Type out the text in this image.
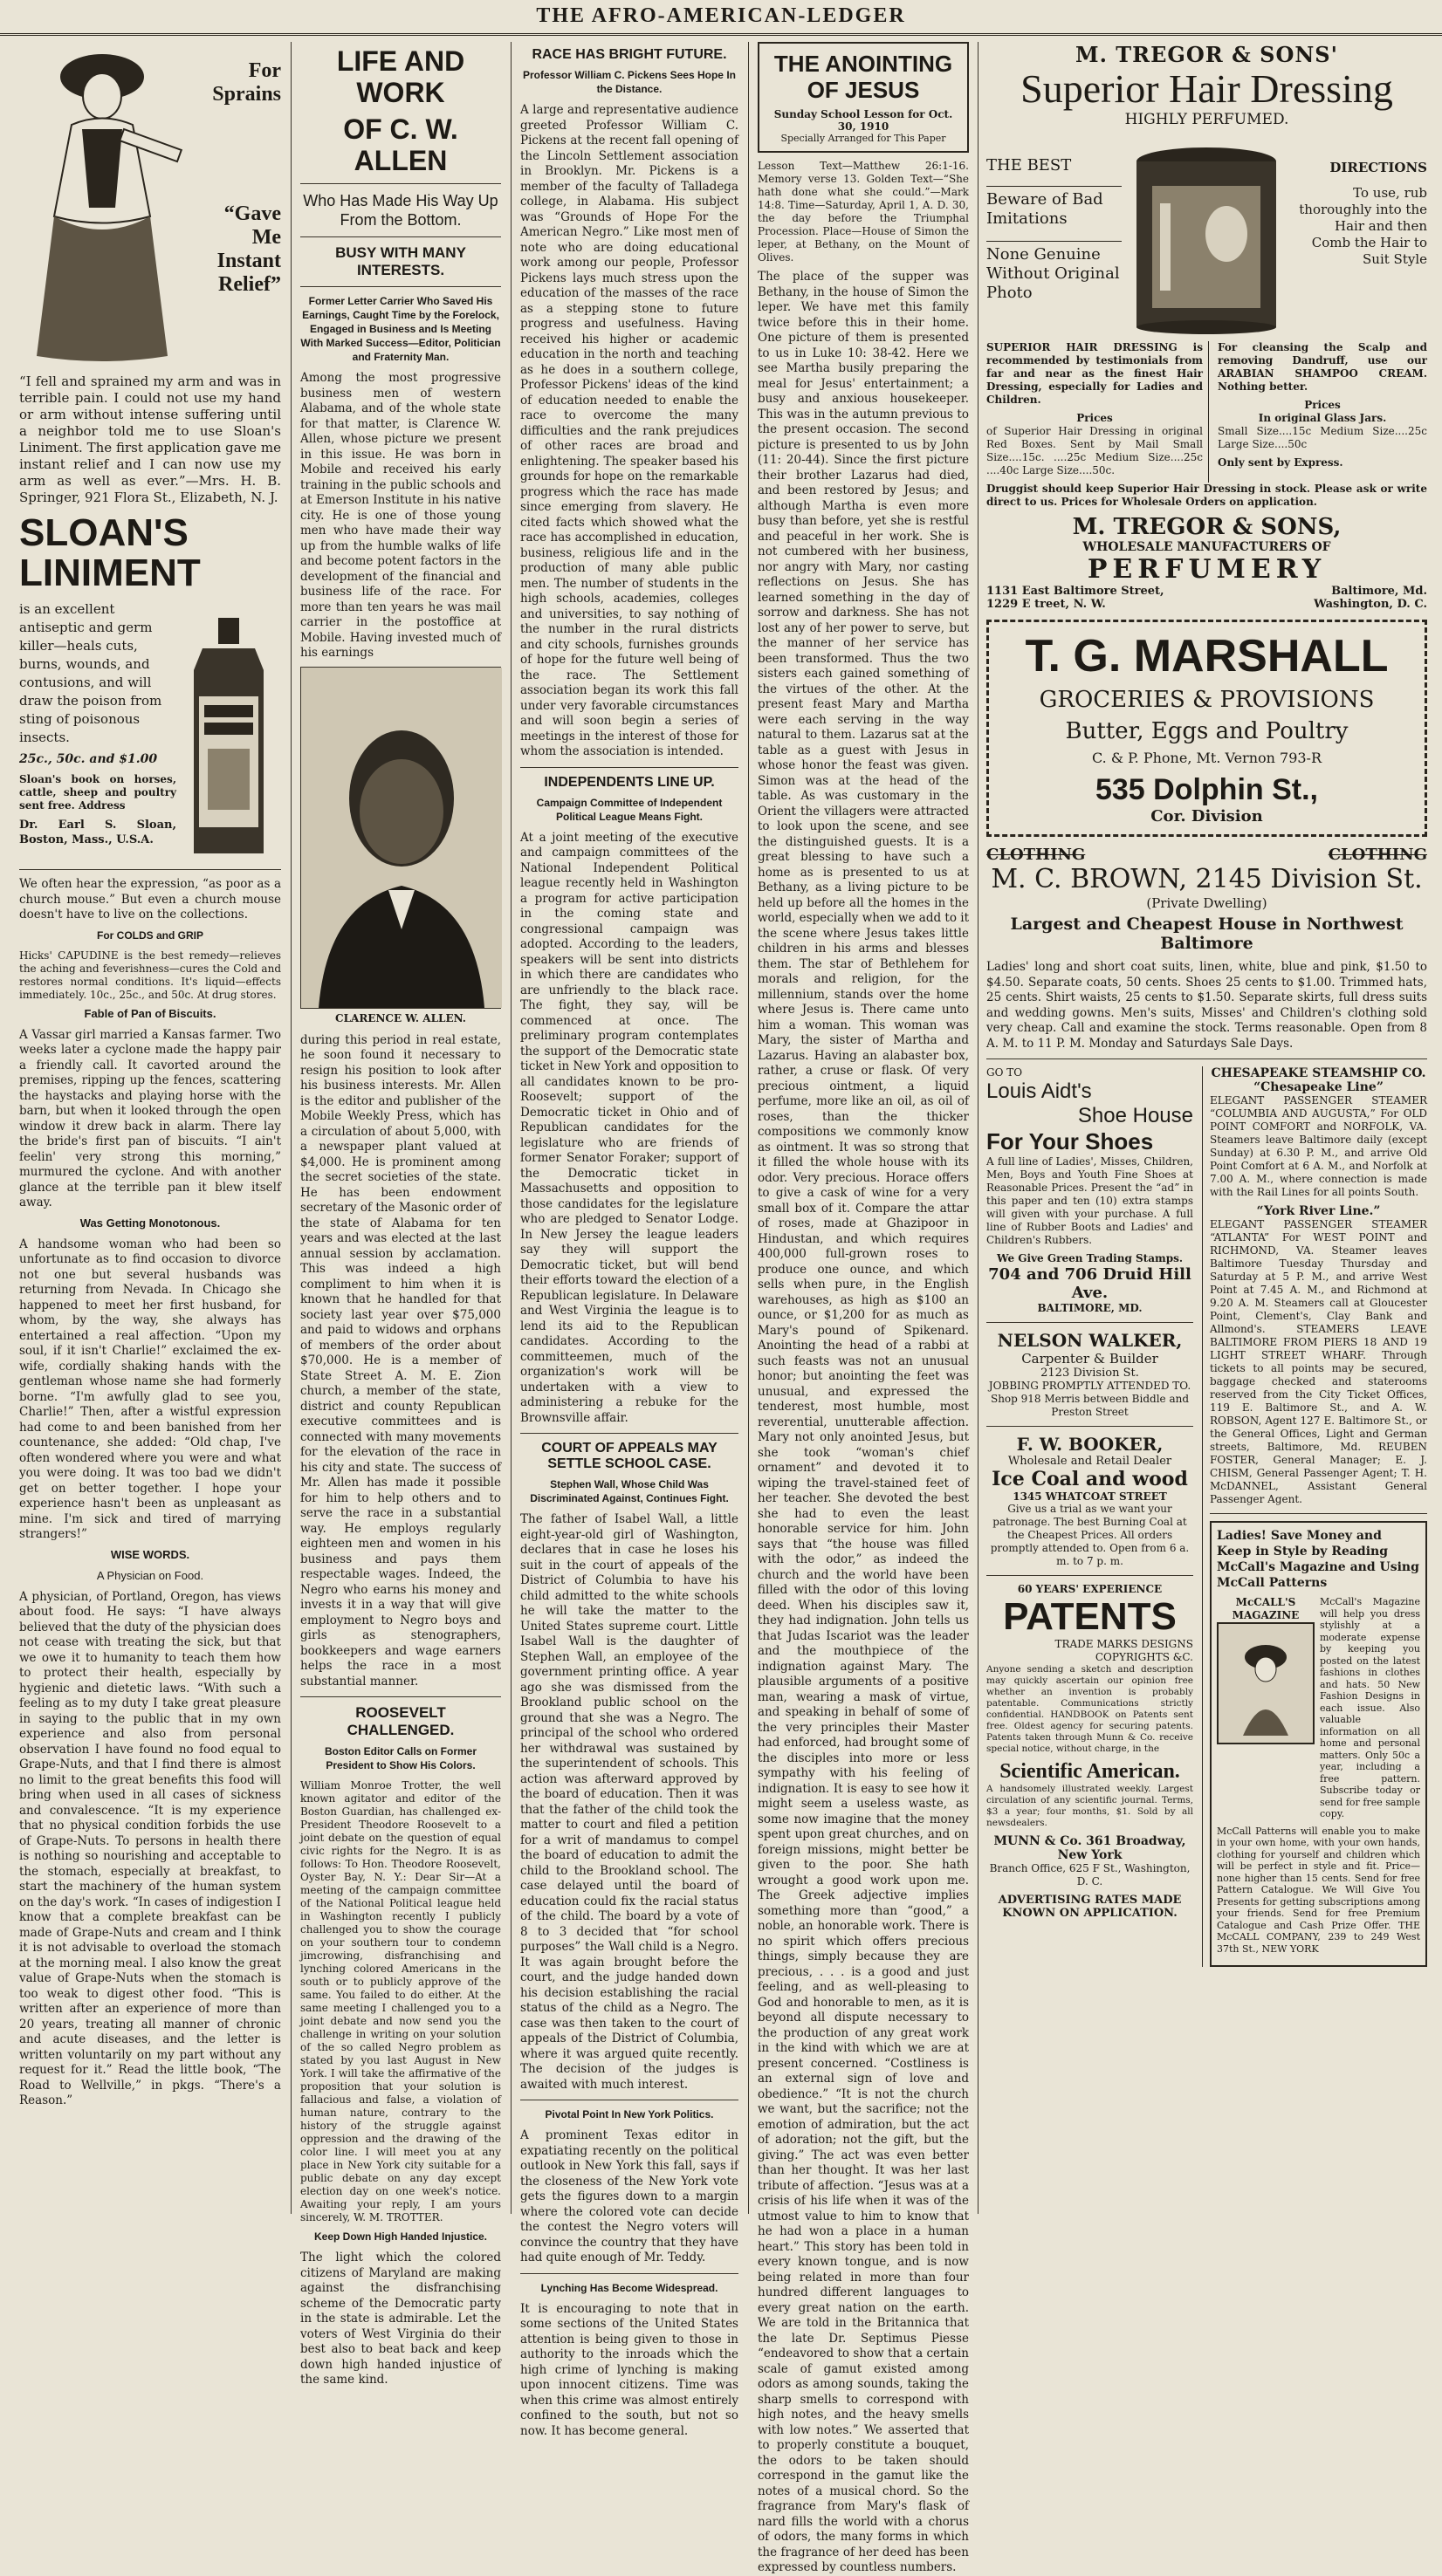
THE AFRO-AMERICAN-LEDGER
For
Sprains
“Gave
Me
Instant
Relief”

“I fell and sprained my arm and was in terrible pain. I could not use my hand or arm without intense suffering until a neighbor told me to use Sloan's Liniment. The first application gave me instant relief and I can now use my arm as well as ever.”—Mrs. H. B. Springer, 921 Flora St., Elizabeth, N. J.

SLOAN'S
LINIMENT

is an excellent antiseptic and germ killer—heals cuts, burns, wounds, and contusions, and will draw the poison from sting of poisonous insects.

25c., 50c. and $1.00

Sloan's book on horses, cattle, sheep and poultry sent free. Address

Dr. Earl S. Sloan, Boston, Mass., U.S.A.

We often hear the expression, “as poor as a church mouse.” But even a church mouse doesn't have to live on the collections.

For COLDS and GRIP

Hicks' CAPUDINE is the best remedy—relieves the aching and feverishness—cures the Cold and restores normal conditions. It's liquid—effects immediately. 10c., 25c., and 50c. At drug stores.

Fable of Pan of Biscuits.

A Vassar girl married a Kansas farmer. Two weeks later a cyclone made the happy pair a friendly call. It cavorted around the premises, ripping up the fences, scattering the haystacks and playing horse with the barn, but when it looked through the open window it drew back in alarm. There lay the bride's first pan of biscuits. “I ain't feelin' very strong this morning,” murmured the cyclone. And with another glance at the terrible pan it blew itself away.

Was Getting Monotonous.

A handsome woman who had been so unfortunate as to find occasion to divorce not one but several husbands was returning from Nevada. In Chicago she happened to meet her first husband, for whom, by the way, she always has entertained a real affection. “Upon my soul, if it isn't Charlie!” exclaimed the ex-wife, cordially shaking hands with the gentleman whose name she had formerly borne. “I'm awfully glad to see you, Charlie!” Then, after a wistful expression had come to and been banished from her countenance, she added: “Old chap, I've often wondered where you were and what you were doing. It was too bad we didn't get on better together. I hope your experience hasn't been as unpleasant as mine. I'm sick and tired of marrying strangers!”

WISE WORDS.
A Physician on Food.

A physician, of Portland, Oregon, has views about food. He says: “I have always believed that the duty of the physician does not cease with treating the sick, but that we owe it to humanity to teach them how to protect their health, especially by hygienic and dietetic laws. “With such a feeling as to my duty I take great pleasure in saying to the public that in my own experience and also from personal observation I have found no food equal to Grape-Nuts, and that I find there is almost no limit to the great benefits this food will bring when used in all cases of sickness and convalescence. “It is my experience that no physical condition forbids the use of Grape-Nuts. To persons in health there is nothing so nourishing and acceptable to the stomach, especially at breakfast, to start the machinery of the human system on the day's work. “In cases of indigestion I know that a complete breakfast can be made of Grape-Nuts and cream and I think it is not advisable to overload the stomach at the morning meal. I also know the great value of Grape-Nuts when the stomach is too weak to digest other food. “This is written after an experience of more than 20 years, treating all manner of chronic and acute diseases, and the letter is written voluntarily on my part without any request for it.” Read the little book, “The Road to Wellville,” in pkgs. “There's a Reason.”

LIFE AND WORK
OF C. W. ALLEN
Who Has Made His Way Up From the Bottom.
BUSY WITH MANY INTERESTS.
Former Letter Carrier Who Saved His Earnings, Caught Time by the Forelock, Engaged in Business and Is Meeting With Marked Success—Editor, Politician and Fraternity Man.

Among the most progressive business men of western Alabama, and of the whole state for that matter, is Clarence W. Allen, whose picture we present in this issue. He was born in Mobile and received his early training in the public schools and at Emerson Institute in his native city. He is one of those young men who have made their way up from the humble walks of life and become potent factors in the development of the financial and business life of the race. For more than ten years he was mail carrier in the postoffice at Mobile. Having invested much of his earnings

CLARENCE W. ALLEN.

during this period in real estate, he soon found it necessary to resign his position to look after his business interests. Mr. Allen is the editor and publisher of the Mobile Weekly Press, which has a circulation of about 5,000, with a newspaper plant valued at $4,000. He is prominent among the secret societies of the state. He has been endowment secretary of the Masonic order of the state of Alabama for ten years and was elected at the last annual session by acclamation. This was indeed a high compliment to him when it is known that he handled for that society last year over $75,000 and paid to widows and orphans of members of the order about $70,000. He is a member of State Street A. M. E. Zion church, a member of the state, district and county Republican executive committees and is connected with many movements for the elevation of the race in his city and state. The success of Mr. Allen has made it possible for him to help others and to serve the race in a substantial way. He employs regularly eighteen men and women in his business and pays them respectable wages. Indeed, the Negro who earns his money and invests it in a way that will give employment to Negro boys and girls as stenographers, bookkeepers and wage earners helps the race in a most substantial manner.

ROOSEVELT CHALLENGED.
Boston Editor Calls on Former President to Show His Colors.

William Monroe Trotter, the well known agitator and editor of the Boston Guardian, has challenged ex-President Theodore Roosevelt to a joint debate on the question of equal civic rights for the Negro. It is as follows: To Hon. Theodore Roosevelt, Oyster Bay, N. Y.: Dear Sir—At a meeting of the campaign committee of the National Political league held in Washington recently I publicly challenged you to show the courage on your southern tour to condemn jimcrowing, disfranchising and lynching colored Americans in the south or to publicly approve of the same. You failed to do either. At the same meeting I challenged you to a joint debate and now send you the challenge in writing on your solution of the so called Negro problem as stated by you last August in New York. I will take the affirmative of the proposition that your solution is fallacious and false, a violation of human nature, contrary to the history of the struggle against oppression and the drawing of the color line. I will meet you at any place in New York city suitable for a public debate on any day except election day on one week's notice. Awaiting your reply, I am yours sincerely, W. M. TROTTER.

Keep Down High Handed Injustice.

The light which the colored citizens of Maryland are making against the disfranchising scheme of the Democratic party in the state is admirable. Let the voters of West Virginia do their best also to beat back and keep down high handed injustice of the same kind.

RACE HAS BRIGHT FUTURE.
Professor William C. Pickens Sees Hope In the Distance.

A large and representative audience greeted Professor William C. Pickens at the recent fall opening of the Lincoln Settlement association in Brooklyn. Mr. Pickens is a member of the faculty of Talladega college, in Alabama. His subject was “Grounds of Hope For the American Negro.” Like most men of note who are doing educational work among our people, Professor Pickens lays much stress upon the education of the masses of the race as a stepping stone to future progress and usefulness. Having received his higher or academic education in the north and teaching as he does in a southern college, Professor Pickens' ideas of the kind of education needed to enable the race to overcome the many difficulties and the rank prejudices of other races are broad and enlightening. The speaker based his grounds for hope on the remarkable progress which the race has made since emerging from slavery. He cited facts which showed what the race has accomplished in education, business, religious life and in the production of many able public men. The number of students in the high schools, academies, colleges and universities, to say nothing of the number in the rural districts and city schools, furnishes grounds of hope for the future well being of the race. The Settlement association began its work this fall under very favorable circumstances and will soon begin a series of meetings in the interest of those for whom the association is intended.

INDEPENDENTS LINE UP.
Campaign Committee of Independent Political League Means Fight.

At a joint meeting of the executive and campaign committees of the National Independent Political league recently held in Washington a program for active participation in the coming state and congressional campaign was adopted. According to the leaders, speakers will be sent into districts in which there are candidates who are unfriendly to the black race. The fight, they say, will be commenced at once. The preliminary program contemplates the support of the Democratic state ticket in New York and opposition to all candidates known to be pro-Roosevelt; support of the Democratic ticket in Ohio and of Republican candidates for the legislature who are friends of former Senator Foraker; support of the Democratic ticket in Massachusetts and opposition to those candidates for the legislature who are pledged to Senator Lodge. In New Jersey the league leaders say they will support the Democratic ticket, but will bend their efforts toward the election of a Republican legislature. In Delaware and West Virginia the league is to lend its aid to the Republican candidates. According to the committeemen, much of the organization's work will be undertaken with a view to administering a rebuke for the Brownsville affair.

COURT OF APPEALS MAY SETTLE SCHOOL CASE.
Stephen Wall, Whose Child Was Discriminated Against, Continues Fight.

The father of Isabel Wall, a little eight-year-old girl of Washington, declares that in case he loses his suit in the court of appeals of the District of Columbia to have his child admitted to the white schools he will take the matter to the United States supreme court. Little Isabel Wall is the daughter of Stephen Wall, an employee of the government printing office. A year ago she was dismissed from the Brookland public school on the ground that she was a Negro. The principal of the school who ordered her withdrawal was sustained by the superintendent of schools. This action was afterward approved by the board of education. Then it was that the father of the child took the matter to court and filed a petition for a writ of mandamus to compel the board of education to admit the child to the Brookland school. The case delayed until the board of education could fix the racial status of the child. The board by a vote of 8 to 3 decided that “for school purposes” the Wall child is a Negro. It was again brought before the court, and the judge handed down his decision establishing the racial status of the child as a Negro. The case was then taken to the court of appeals of the District of Columbia, where it was argued quite recently. The decision of the judges is awaited with much interest.

Pivotal Point In New York Politics.

A prominent Texas editor in expatiating recently on the political outlook in New York this fall, says if the closeness of the New York vote gets the figures down to a margin where the colored vote can decide the contest the Negro voters will convince the country that they have had quite enough of Mr. Teddy.

Lynching Has Become Widespread.

It is encouraging to note that in some sections of the United States attention is being given to those in authority to the inroads which the high crime of lynching is making upon innocent citizens. Time was when this crime was almost entirely confined to the south, but not so now. It has become general.

THE ANOINTING
OF JESUS
Sunday School Lesson for Oct. 30, 1910
Specially Arranged for This Paper

Lesson Text—Matthew 26:1-16. Memory verse 13. Golden Text—“She hath done what she could.”—Mark 14:8. Time—Saturday, April 1, A. D. 30, the day before the Triumphal Procession. Place—House of Simon the leper, at Bethany, on the Mount of Olives.

The place of the supper was Bethany, in the house of Simon the leper. We have met this family twice before this in their home. One picture of them is presented to us in Luke 10: 38-42. Here we see Martha busily preparing the meal for Jesus' entertainment; a busy and anxious housekeeper. This was in the autumn previous to the present occasion. The second picture is presented to us by John (11: 20-44). Since the first picture their brother Lazarus had died, and been restored by Jesus; and although Martha is even more busy than before, yet she is restful and peaceful in her work. She is not cumbered with her business, nor angry with Mary, nor casting reflections on Jesus. She has learned something in the day of sorrow and darkness. She has not lost any of her power to serve, but the manner of her service has been transformed. Thus the two sisters each gained something of the virtues of the other. At the present feast Mary and Martha were each serving in the way natural to them. Lazarus sat at the table as a guest with Jesus in whose honor the feast was given. Simon was at the head of the table. As was customary in the Orient the villagers were attracted to look upon the scene, and see the distinguished guests. It is a great blessing to have such a home as is presented to us at Bethany, as a living picture to be held up before all the homes in the world, especially when we add to it the scene where Jesus takes little children in his arms and blesses them. The star of Bethlehem for morals and religion, for the millennium, stands over the home where Jesus is. There came unto him a woman. This woman was Mary, the sister of Martha and Lazarus. Having an alabaster box, rather, a cruse or flask. Of very precious ointment, a liquid perfume, more like an oil, as oil of roses, than the thicker compositions we commonly know as ointment. It was so strong that it filled the whole house with its odor. Very precious. Horace offers to give a cask of wine for a very small box of it. Compare the attar of roses, made at Ghazipoor in Hindustan, and which requires 400,000 full-grown roses to produce one ounce, and which sells when pure, in the English warehouses, as high as $100 an ounce, or $1,200 for as much as Mary's pound of Spikenard. Anointing the head of a rabbi at such feasts was not an unusual honor; but anointing the feet was unusual, and expressed the tenderest, most humble, most reverential, unutterable affection. Mary not only anointed Jesus, but she took “woman's chief ornament” and devoted it to wiping the travel-stained feet of her teacher. She devoted the best she had to even the least honorable service for him. John says that “the house was filled with the odor,” as indeed the church and the world have been filled with the odor of this loving deed. When his disciples saw it, they had indignation. John tells us that Judas Iscariot was the leader and the mouthpiece of the indignation against Mary. The plausible arguments of a positive man, wearing a mask of virtue, and speaking in behalf of some of the very principles their Master had enforced, had brought some of the disciples into more or less sympathy with his feeling of indignation. It is easy to see how it might seem a useless waste, as some now imagine that the money spent upon great churches, and on foreign missions, might better be given to the poor. She hath wrought a good work upon me. The Greek adjective implies something more than “good,” a noble, an honorable work. There is no spirit which offers precious things, simply because they are precious, . . . is a good and just feeling, and as well-pleasing to God and honorable to men, as it is beyond all dispute necessary to the production of any great work in the kind with which we are at present concerned. “Costliness is an external sign of love and obedience.” “It is not the church we want, but the sacrifice; not the emotion of admiration, but the act of adoration; not the gift, but the giving.” The act was even better than her thought. It was her last tribute of affection. “Jesus was at a crisis of his life when it was of the utmost value to him to know that he had won a place in a human heart.” This story has been told in every known tongue, and is now being related in more than four hundred different languages to every great nation on the earth. We are told in the Britannica that the late Dr. Septimus Piesse “endeavored to show that a certain scale of gamut existed among odors as among sounds, taking the sharp smells to correspond with high notes, and the heavy smells with low notes.” We asserted that to properly constitute a bouquet, the odors to be taken should correspond in the gamut like the notes of a musical chord. So the fragrance from Mary's flask of nard fills the world with a chorus of odors, the many forms in which the fragrance of her deed has been expressed by countless numbers.

M. TREGOR & SONS'
Superior Hair Dressing
HIGHLY PERFUMED.
THE BEST
Beware of Bad Imitations
None Genuine Without Original Photo
DIRECTIONS
To use, rub thoroughly into the Hair and then Comb the Hair to Suit Style

SUPERIOR HAIR DRESSING is recommended by testimonials from far and near as the finest Hair Dressing, especially for Ladies and Children.

Prices

of Superior Hair Dressing in original Red Boxes. Sent by Mail Small Size....15c. ....25c Medium Size....25c ....40c Large Size....50c.

For cleansing the Scalp and removing Dandruff, use our ARABIAN SHAMPOO CREAM. Nothing better.

Prices
In original Glass Jars.

Small Size....15c Medium Size....25c Large Size....50c

Only sent by Express.

Druggist should keep Superior Hair Dressing in stock. Please ask or write direct to us. Prices for Wholesale Orders on application.

M. TREGOR & SONS,
WHOLESALE MANUFACTURERS OF
PERFUMERY
1131 East Baltimore Street,	Baltimore, Md.
1229 E treet, N. W.	Washington, D. C.
T. G. MARSHALL
GROCERIES & PROVISIONS
Butter, Eggs and Poultry
C. & P. Phone, Mt. Vernon 793-R
535 Dolphin St.,
Cor. Division
CLOTHING	CLOTHING
M. C. BROWN, 2145 Division St.
(Private Dwelling)
Largest and Cheapest House in Northwest Baltimore

Ladies' long and short coat suits, linen, white, blue and pink, $1.50 to $4.50. Separate coats, 50 cents. Shoes 25 cents to $1.00. Trimmed hats, 25 cents. Shirt waists, 25 cents to $1.50. Separate skirts, full dress suits and wedding gowns. Men's suits, Misses' and Children's clothing sold very cheap. Call and examine the stock. Terms reasonable. Open from 8 A. M. to 11 P. M. Monday and Saturdays Sale Days.

GO TO
Louis Aidt's
Shoe House
For Your Shoes

A full line of Ladies', Misses, Children, Men, Boys and Youth Fine Shoes at Reasonable Prices. Present the “ad” in this paper and ten (10) extra stamps will given with your purchase. A full line of Rubber Boots and Ladies' and Children's Rubbers.

We Give Green Trading Stamps.
704 and 706 Druid Hill Ave.
BALTIMORE, MD.
NELSON WALKER,
Carpenter & Builder
2123 Division St.

JOBBING PROMPTLY ATTENDED TO. Shop 918 Merris between Biddle and Preston Street

F. W. BOOKER,
Wholesale and Retail Dealer
Ice Coal and wood
1345 WHATCOAT STREET

Give us a trial as we want your patronage. The best Burning Coal at the Cheapest Prices. All orders promptly attended to. Open from 6 a. m. to 7 p. m.

60 YEARS' EXPERIENCE
PATENTS
TRADE MARKS DESIGNS COPYRIGHTS &C.

Anyone sending a sketch and description may quickly ascertain our opinion free whether an invention is probably patentable. Communications strictly confidential. HANDBOOK on Patents sent free. Oldest agency for securing patents. Patents taken through Munn & Co. receive special notice, without charge, in the

Scientific American.

A handsomely illustrated weekly. Largest circulation of any scientific journal. Terms, $3 a year; four months, $1. Sold by all newsdealers.

MUNN & Co. 361 Broadway, New York
Branch Office, 625 F St., Washington, D. C.
ADVERTISING RATES MADE KNOWN ON APPLICATION.
CHESAPEAKE STEAMSHIP CO.
“Chesapeake Line”

ELEGANT PASSENGER STEAMER “COLUMBIA AND AUGUSTA,” For OLD POINT COMFORT and NORFOLK, VA. Steamers leave Baltimore daily (except Sunday) at 6.30 P. M., and arrive Old Point Comfort at 6 A. M., and Norfolk at 7.00 A. M., where connection is made with the Rail Lines for all points South.

“York River Line.”

ELEGANT PASSENGER STEAMER “ATLANTA” For WEST POINT and RICHMOND, VA. Steamer leaves Baltimore Tuesday Thursday and Saturday at 5 P. M., and arrive West Point at 7.45 A. M., and Richmond at 9.20 A. M. Steamers call at Gloucester Point, Clement's, Clay Bank and Allmond's. STEAMERS LEAVE BALTIMORE FROM PIERS 18 AND 19 LIGHT STREET WHARF. Through tickets to all points may be secured, baggage checked and staterooms reserved from the City Ticket Offices, 119 E. Baltimore St., and A. W. ROBSON, Agent 127 E. Baltimore St., or the General Offices, Light and German streets, Baltimore, Md. REUBEN FOSTER, General Manager; E. J. CHISM, General Passenger Agent; T. H. McDANNEL, Assistant General Passenger Agent.

Ladies! Save Money and Keep in Style by Reading McCall's Magazine and Using McCall Patterns
McCALL'S MAGAZINE

McCall's Magazine will help you dress stylishly at a moderate expense by keeping you posted on the latest fashions in clothes and hats. 50 New Fashion Designs in each issue. Also valuable information on all home and personal matters. Only 50c a year, including a free pattern. Subscribe today or send for free sample copy.

McCall Patterns will enable you to make in your own home, with your own hands, clothing for yourself and children which will be perfect in style and fit. Price—none higher than 15 cents. Send for free Pattern Catalogue. We Will Give You Presents for getting subscriptions among your friends. Send for free Premium Catalogue and Cash Prize Offer. THE McCALL COMPANY, 239 to 249 West 37th St., NEW YORK
